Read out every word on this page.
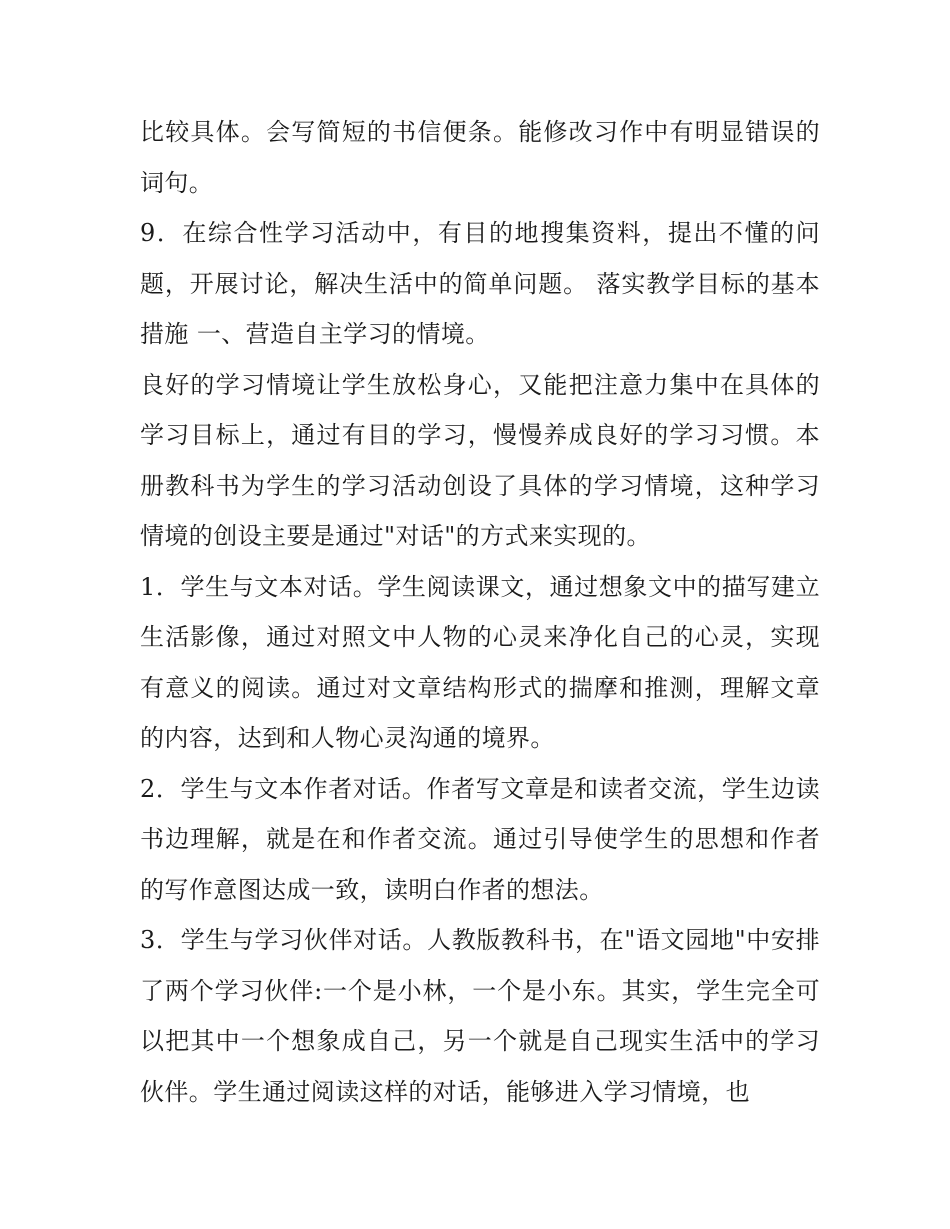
比较具体。会写简短的书信便条。能修改习作中有明显错误的词句。

9．在综合性学习活动中，有目的地搜集资料，提出不懂的问题，开展讨论，解决生活中的简单问题。 落实教学目标的基本措施 一、营造自主学习的情境。

良好的学习情境让学生放松身心，又能把注意力集中在具体的学习目标上，通过有目的学习，慢慢养成良好的学习习惯。本册教科书为学生的学习活动创设了具体的学习情境，这种学习情境的创设主要是通过"对话"的方式来实现的。

1．学生与文本对话。学生阅读课文，通过想象文中的描写建立生活影像，通过对照文中人物的心灵来净化自己的心灵，实现有意义的阅读。通过对文章结构形式的揣摩和推测，理解文章的内容，达到和人物心灵沟通的境界。

2．学生与文本作者对话。作者写文章是和读者交流，学生边读书边理解，就是在和作者交流。通过引导使学生的思想和作者的写作意图达成一致，读明白作者的想法。

3．学生与学习伙伴对话。人教版教科书，在"语文园地"中安排了两个学习伙伴:一个是小林，一个是小东。其实，学生完全可以把其中一个想象成自己，另一个就是自己现实生活中的学习伙伴。学生通过阅读这样的对话，能够进入学习情境，也
